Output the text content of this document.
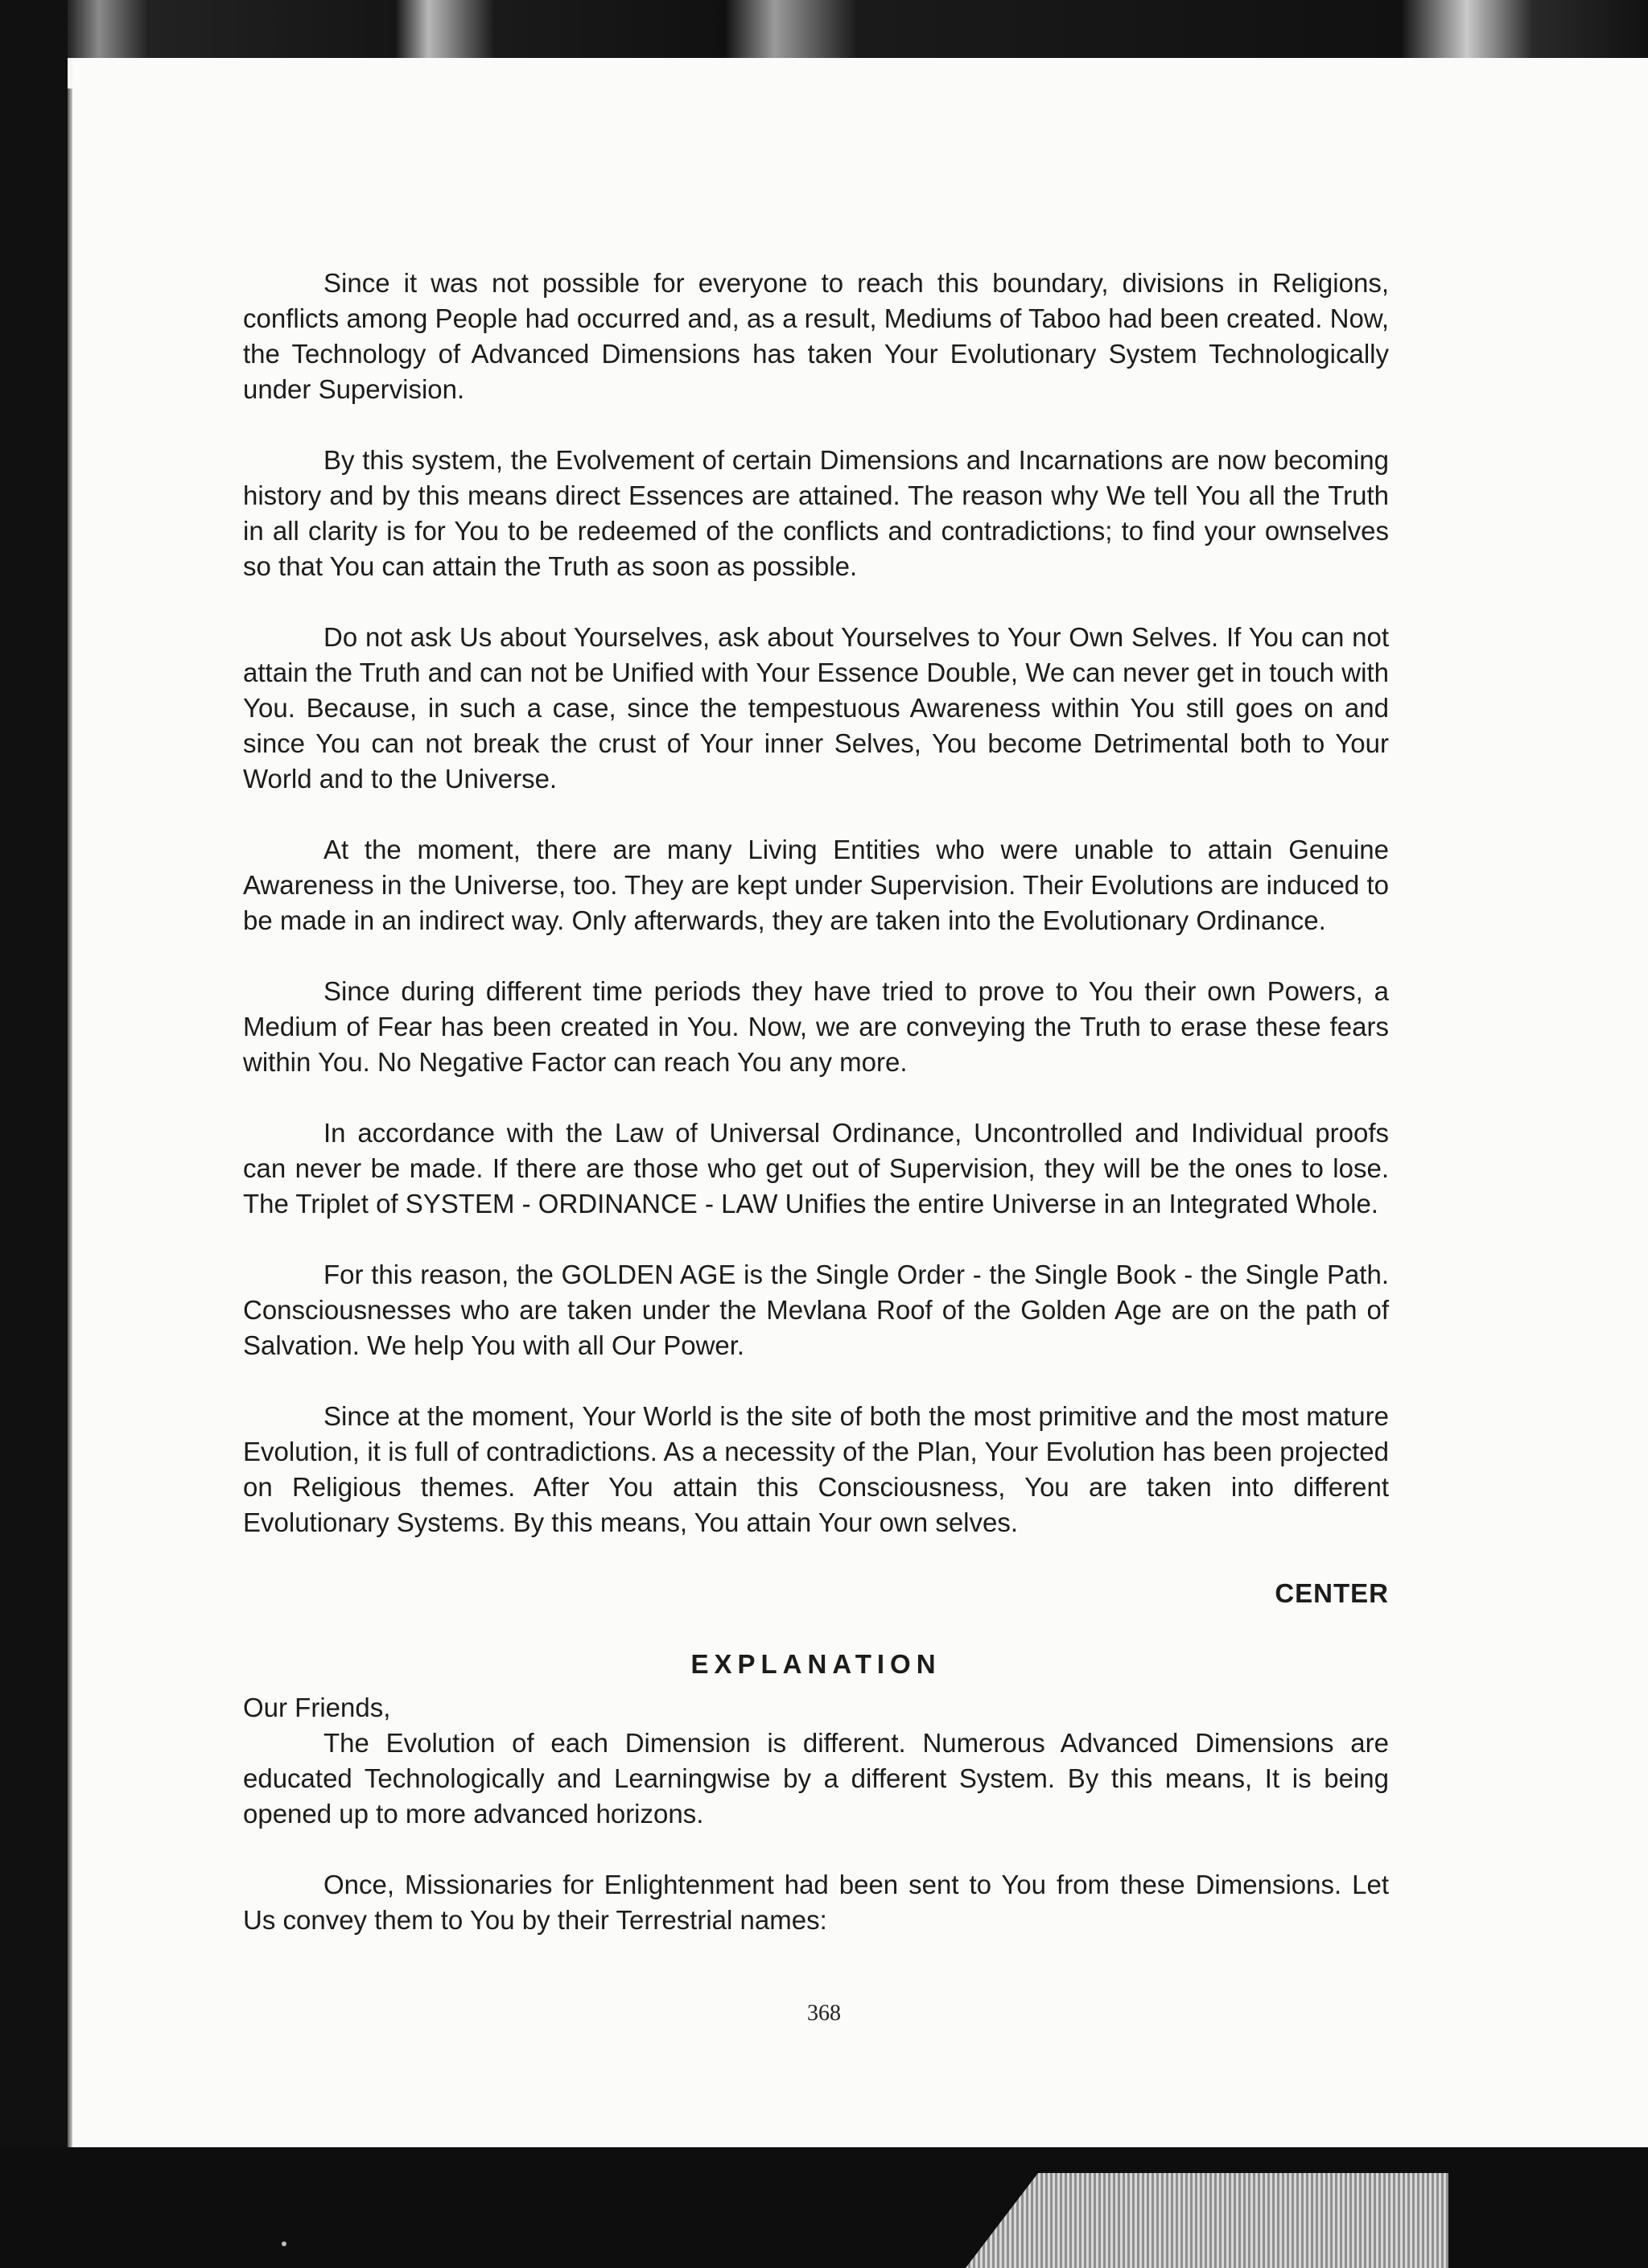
Since it was not possible for everyone to reach this boundary, divisions in Religions, conflicts among People had occurred and, as a result, Mediums of Taboo had been created. Now, the Technology of Advanced Dimensions has taken Your Evolutionary System Technologically under Supervision.

By this system, the Evolvement of certain Dimensions and Incarnations are now becoming history and by this means direct Essences are attained. The reason why We tell You all the Truth in all clarity is for You to be redeemed of the conflicts and contradictions; to find your ownselves so that You can attain the Truth as soon as possible.

Do not ask Us about Yourselves, ask about Yourselves to Your Own Selves. If You can not attain the Truth and can not be Unified with Your Essence Double, We can never get in touch with You. Because, in such a case, since the tempestuous Awareness within You still goes on and since You can not break the crust of Your inner Selves, You become Detrimental both to Your World and to the Universe.

At the moment, there are many Living Entities who were unable to attain Genuine Awareness in the Universe, too. They are kept under Supervision. Their Evolutions are induced to be made in an indirect way. Only afterwards, they are taken into the Evolutionary Ordinance.

Since during different time periods they have tried to prove to You their own Powers, a Medium of Fear has been created in You. Now, we are conveying the Truth to erase these fears within You. No Negative Factor can reach You any more.

In accordance with the Law of Universal Ordinance, Uncontrolled and Individual proofs can never be made. If there are those who get out of Supervision, they will be the ones to lose. The Triplet of SYSTEM - ORDINANCE - LAW Unifies the entire Universe in an Integrated Whole.

For this reason, the GOLDEN AGE is the Single Order - the Single Book - the Single Path. Consciousnesses who are taken under the Mevlana Roof of the Golden Age are on the path of Salvation. We help You with all Our Power.

Since at the moment, Your World is the site of both the most primitive and the most mature Evolution, it is full of contradictions. As a necessity of the Plan, Your Evolution has been projected on Religious themes. After You attain this Consciousness, You are taken into different Evolutionary Systems. By this means, You attain Your own selves.

CENTER
EXPLANATION

Our Friends,

The Evolution of each Dimension is different. Numerous Advanced Dimensions are educated Technologically and Learningwise by a different System. By this means, It is being opened up to more advanced horizons.

Once, Missionaries for Enlightenment had been sent to You from these Dimensions. Let Us convey them to You by their Terrestrial names:

368
